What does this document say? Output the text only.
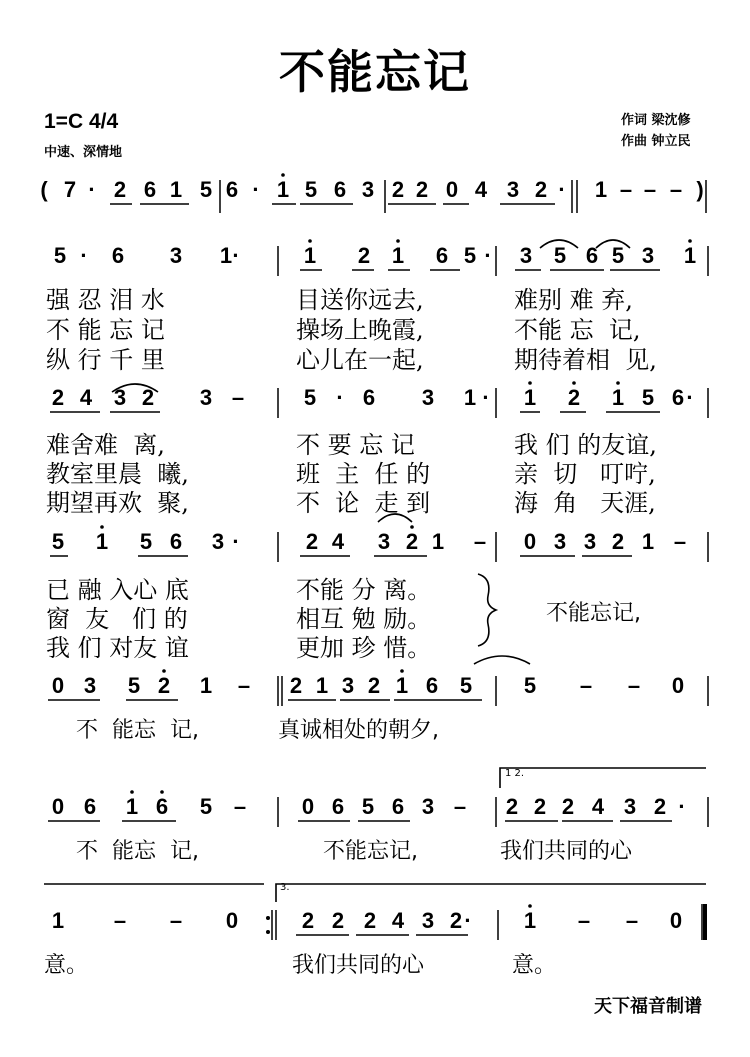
不能忘记
1=C 4/4
中速、深情地
作词 梁沈修
作曲 钟立民
( 7 · 2 6 1 5 6 · 1 5 6 3 2 2 0 4 3 2 · 1 – – – )
5 · 6 3 1 ·	1 2 1 6 5 · 3 5 6 5 3 1
2 4 3 2 3 –	5 · 6 3 1 · 1 2 1 5 6 ·
5 1 5 6 3 ·	2 4 3 2 1 – 0 3 3 2 1 –
0 3 5 2 1 – 2 1 3 2 1 6 5 5 – – 0
0 6 1 6 5 –	0 6 5 6 3 – 2 2 2 4 3 2 ·
1 – – 0	2 2 2 4 3 2 · 1 – – 0
强 忍 泪 水	目送你远去,	难别 难 弃,
不 能 忘 记	操场上晚霞,	不能 忘  记,
纵 行 千 里	心儿在一起,	期待着相  见,
难舍难  离,	不 要 忘 记	我 们 的友谊,
教室里晨  曦,	班  主  任 的	亲  切   叮咛,
期望再欢  聚,	不  论  走 到	海  角   天涯,
已 融 入心 底	不能 分 离。
窗  友   们 的	相互 勉 励。
我 们 对友 谊	更加 珍 惜。
不能忘记,
不  能忘  记,	真诚相处的朝夕,
不  能忘  记,	不能忘记,	我们共同的心
意。	我们共同的心	意。
1 2.
3.
天下福音制谱
